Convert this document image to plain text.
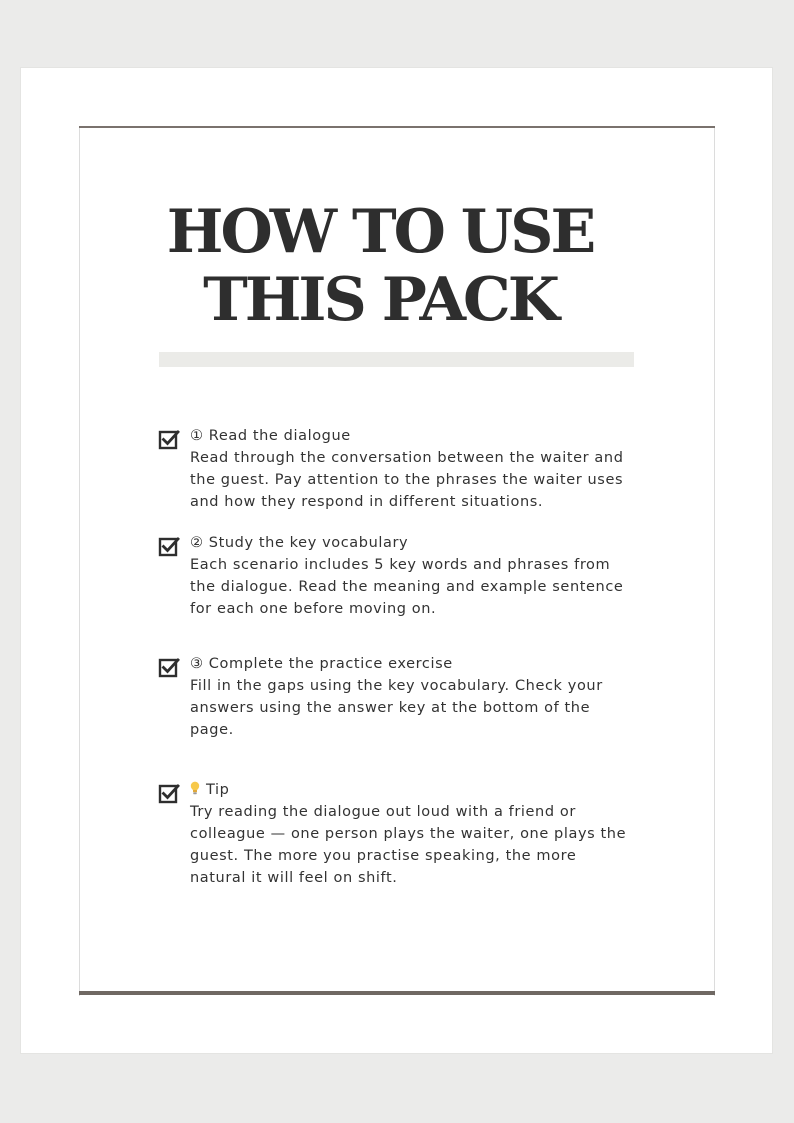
HOW TO USE
THIS PACK
① Read the dialogue
Read through the conversation between the waiter and
the guest. Pay attention to the phrases the waiter uses
and how they respond in different situations.
② Study the key vocabulary
Each scenario includes 5 key words and phrases from
the dialogue. Read the meaning and example sentence
for each one before moving on.
③ Complete the practice exercise
Fill in the gaps using the key vocabulary. Check your
answers using the answer key at the bottom of the
page.
Tip
Try reading the dialogue out loud with a friend or
colleague — one person plays the waiter, one plays the
guest. The more you practise speaking, the more
natural it will feel on shift.
